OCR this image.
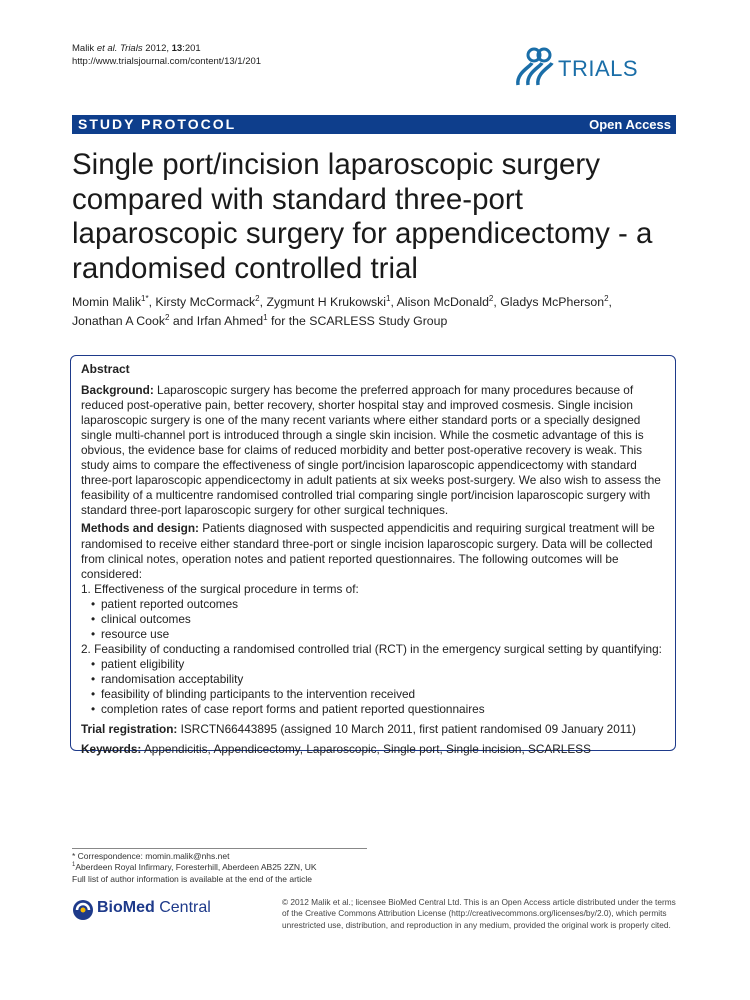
Malik et al. Trials 2012, 13:201
http://www.trialsjournal.com/content/13/1/201	TRIALS
STUDY PROTOCOL	Open Access
Single port/incision laparoscopic surgery compared with standard three-port laparoscopic surgery for appendicectomy - a randomised controlled trial
Momin Malik$^{1*}$, Kirsty McCormack$^2$, Zygmunt H Krukowski$^1$, Alison McDonald$^2$, Gladys McPherson$^2$,
Jonathan A Cook$^2$ and Irfan Ahmed$^1$ for the SCARLESS Study Group
Abstract

Background: Laparoscopic surgery has become the preferred approach for many procedures because of reduced post-operative pain, better recovery, shorter hospital stay and improved cosmesis. Single incision laparoscopic surgery is one of the many recent variants where either standard ports or a specially designed single multi-channel port is introduced through a single skin incision. While the cosmetic advantage of this is obvious, the evidence base for claims of reduced morbidity and better post-operative recovery is weak. This study aims to compare the effectiveness of single port/incision laparoscopic appendicectomy with standard three-port laparoscopic appendicectomy in adult patients at six weeks post-surgery. We also wish to assess the feasibility of a multicentre randomised controlled trial comparing single port/incision laparoscopic surgery with standard three-port laparoscopic surgery for other surgical techniques.

Methods and design: Patients diagnosed with suspected appendicitis and requiring surgical treatment will be randomised to receive either standard three-port or single incision laparoscopic surgery. Data will be collected from clinical notes, operation notes and patient reported questionnaires. The following outcomes will be considered:

1. Effectiveness of the surgical procedure in terms of:
• patient reported outcomes
• clinical outcomes
• resource use
2. Feasibility of conducting a randomised controlled trial (RCT) in the emergency surgical setting by quantifying:
• patient eligibility
• randomisation acceptability
• feasibility of blinding participants to the intervention received
• completion rates of case report forms and patient reported questionnaires

Trial registration: ISRCTN66443895 (assigned 10 March 2011, first patient randomised 09 January 2011)

Keywords: Appendicitis, Appendicectomy, Laparoscopic, Single port, Single incision, SCARLESS

* Correspondence: momin.malik@nhs.net
$^1$Aberdeen Royal Infirmary, Foresterhill, Aberdeen AB25 2ZN, UK
Full list of author information is available at the end of the article
BioMed Central	© 2012 Malik et al.; licensee BioMed Central Ltd. This is an Open Access article distributed under the terms of the Creative Commons Attribution License (http://creativecommons.org/licenses/by/2.0), which permits unrestricted use, distribution, and reproduction in any medium, provided the original work is properly cited.
